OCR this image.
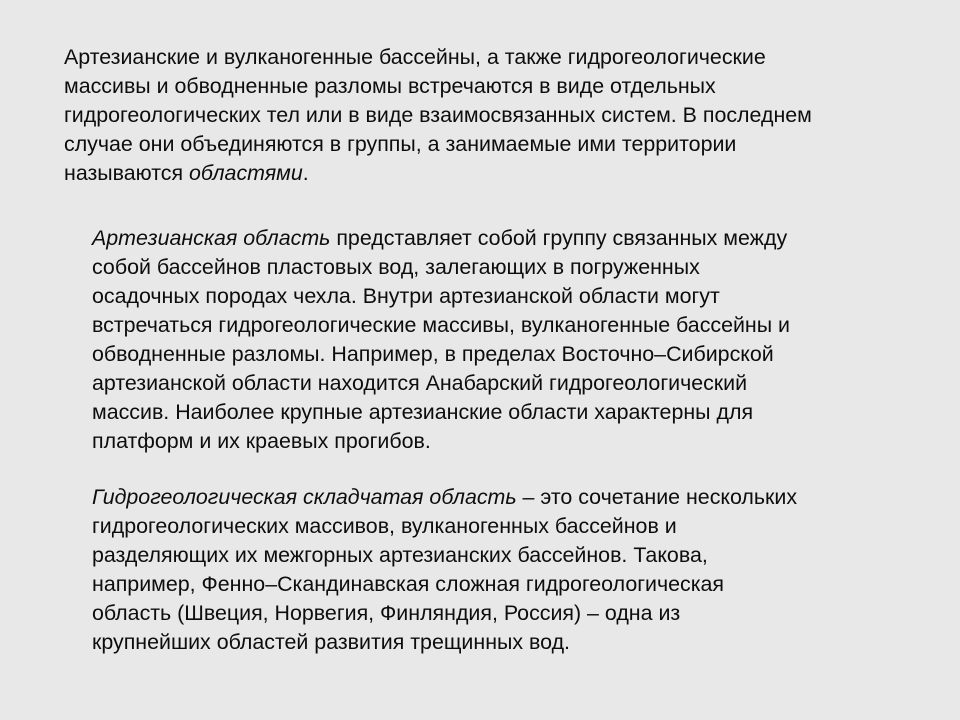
Артезианские и вулканогенные бассейны, а также гидрогеологические
массивы и обводненные разломы встречаются в виде отдельных
гидрогеологических тел или в виде взаимосвязанных систем. В последнем
случае они объединяются в группы, а занимаемые ими территории
называются областями.

Артезианская область представляет собой группу связанных между
собой бассейнов пластовых вод, залегающих в погруженных
осадочных породах чехла. Внутри артезианской области могут
встречаться гидрогеологические массивы, вулканогенные бассейны и
обводненные разломы. Например, в пределах Восточно–Сибирской
артезианской области находится Анабарский гидрогеологический
массив. Наиболее крупные артезианские области характерны для
платформ и их краевых прогибов.

Гидрогеологическая складчатая область – это сочетание нескольких
гидрогеологических массивов, вулканогенных бассейнов и
разделяющих их межгорных артезианских бассейнов. Такова,
например, Фенно–Скандинавская сложная гидрогеологическая
область (Швеция, Норвегия, Финляндия, Россия) – одна из
крупнейших областей развития трещинных вод.
